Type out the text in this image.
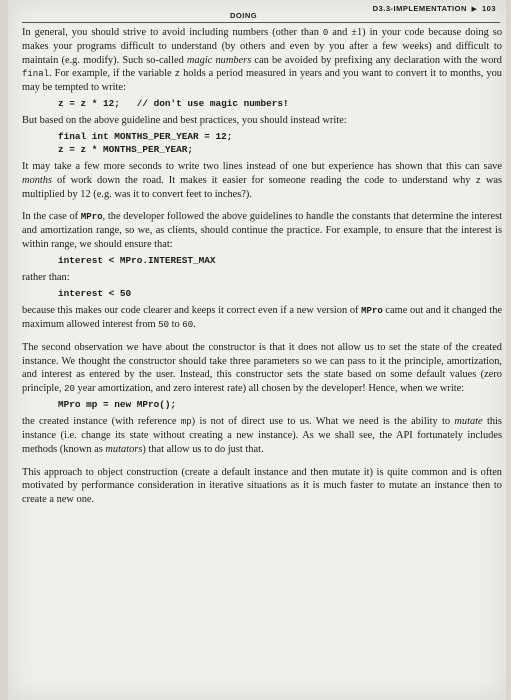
DOING
D3.3-IMPLEMENTATION ▶ 103

In general, you should strive to avoid including numbers (other than 0 and ±1) in your code because doing so makes your programs difficult to understand (by others and even by you after a few weeks) and difficult to maintain (e.g. modify). Such so-called magic numbers can be avoided by prefixing any declaration with the word final. For example, if the variable z holds a period measured in years and you want to convert it to months, you may be tempted to write:

z = z * 12;   // don't use magic numbers!

But based on the above guideline and best practices, you should instead write:

final int MONTHS_PER_YEAR = 12;
z = z * MONTHS_PER_YEAR;

It may take a few more seconds to write two lines instead of one but experience has shown that this can save months of work down the road. It makes it easier for someone reading the code to understand why z was multiplied by 12 (e.g. was it to convert feet to inches?).

In the case of MPro, the developer followed the above guidelines to handle the constants that determine the interest and amortization range, so we, as clients, should continue the practice. For example, to ensure that the interest is within range, we should ensure that:

interest < MPro.INTEREST_MAX

rather than:

interest < 50

because this makes our code clearer and keeps it correct even if a new version of MPro came out and it changed the maximum allowed interest from 50 to 60.

The second observation we have about the constructor is that it does not allow us to set the state of the created instance. We thought the constructor should take three parameters so we can pass to it the principle, amortization, and interest as entered by the user. Instead, this constructor sets the state based on some default values (zero principle, 20 year amortization, and zero interest rate) all chosen by the developer! Hence, when we write:

MPro mp = new MPro();

the created instance (with reference mp) is not of direct use to us. What we need is the ability to mutate this instance (i.e. change its state without creating a new instance). As we shall see, the API fortunately includes methods (known as mutators) that allow us to do just that.

This approach to object construction (create a default instance and then mutate it) is quite common and is often motivated by performance consideration in iterative situations as it is much faster to mutate an instance then to create a new one.
